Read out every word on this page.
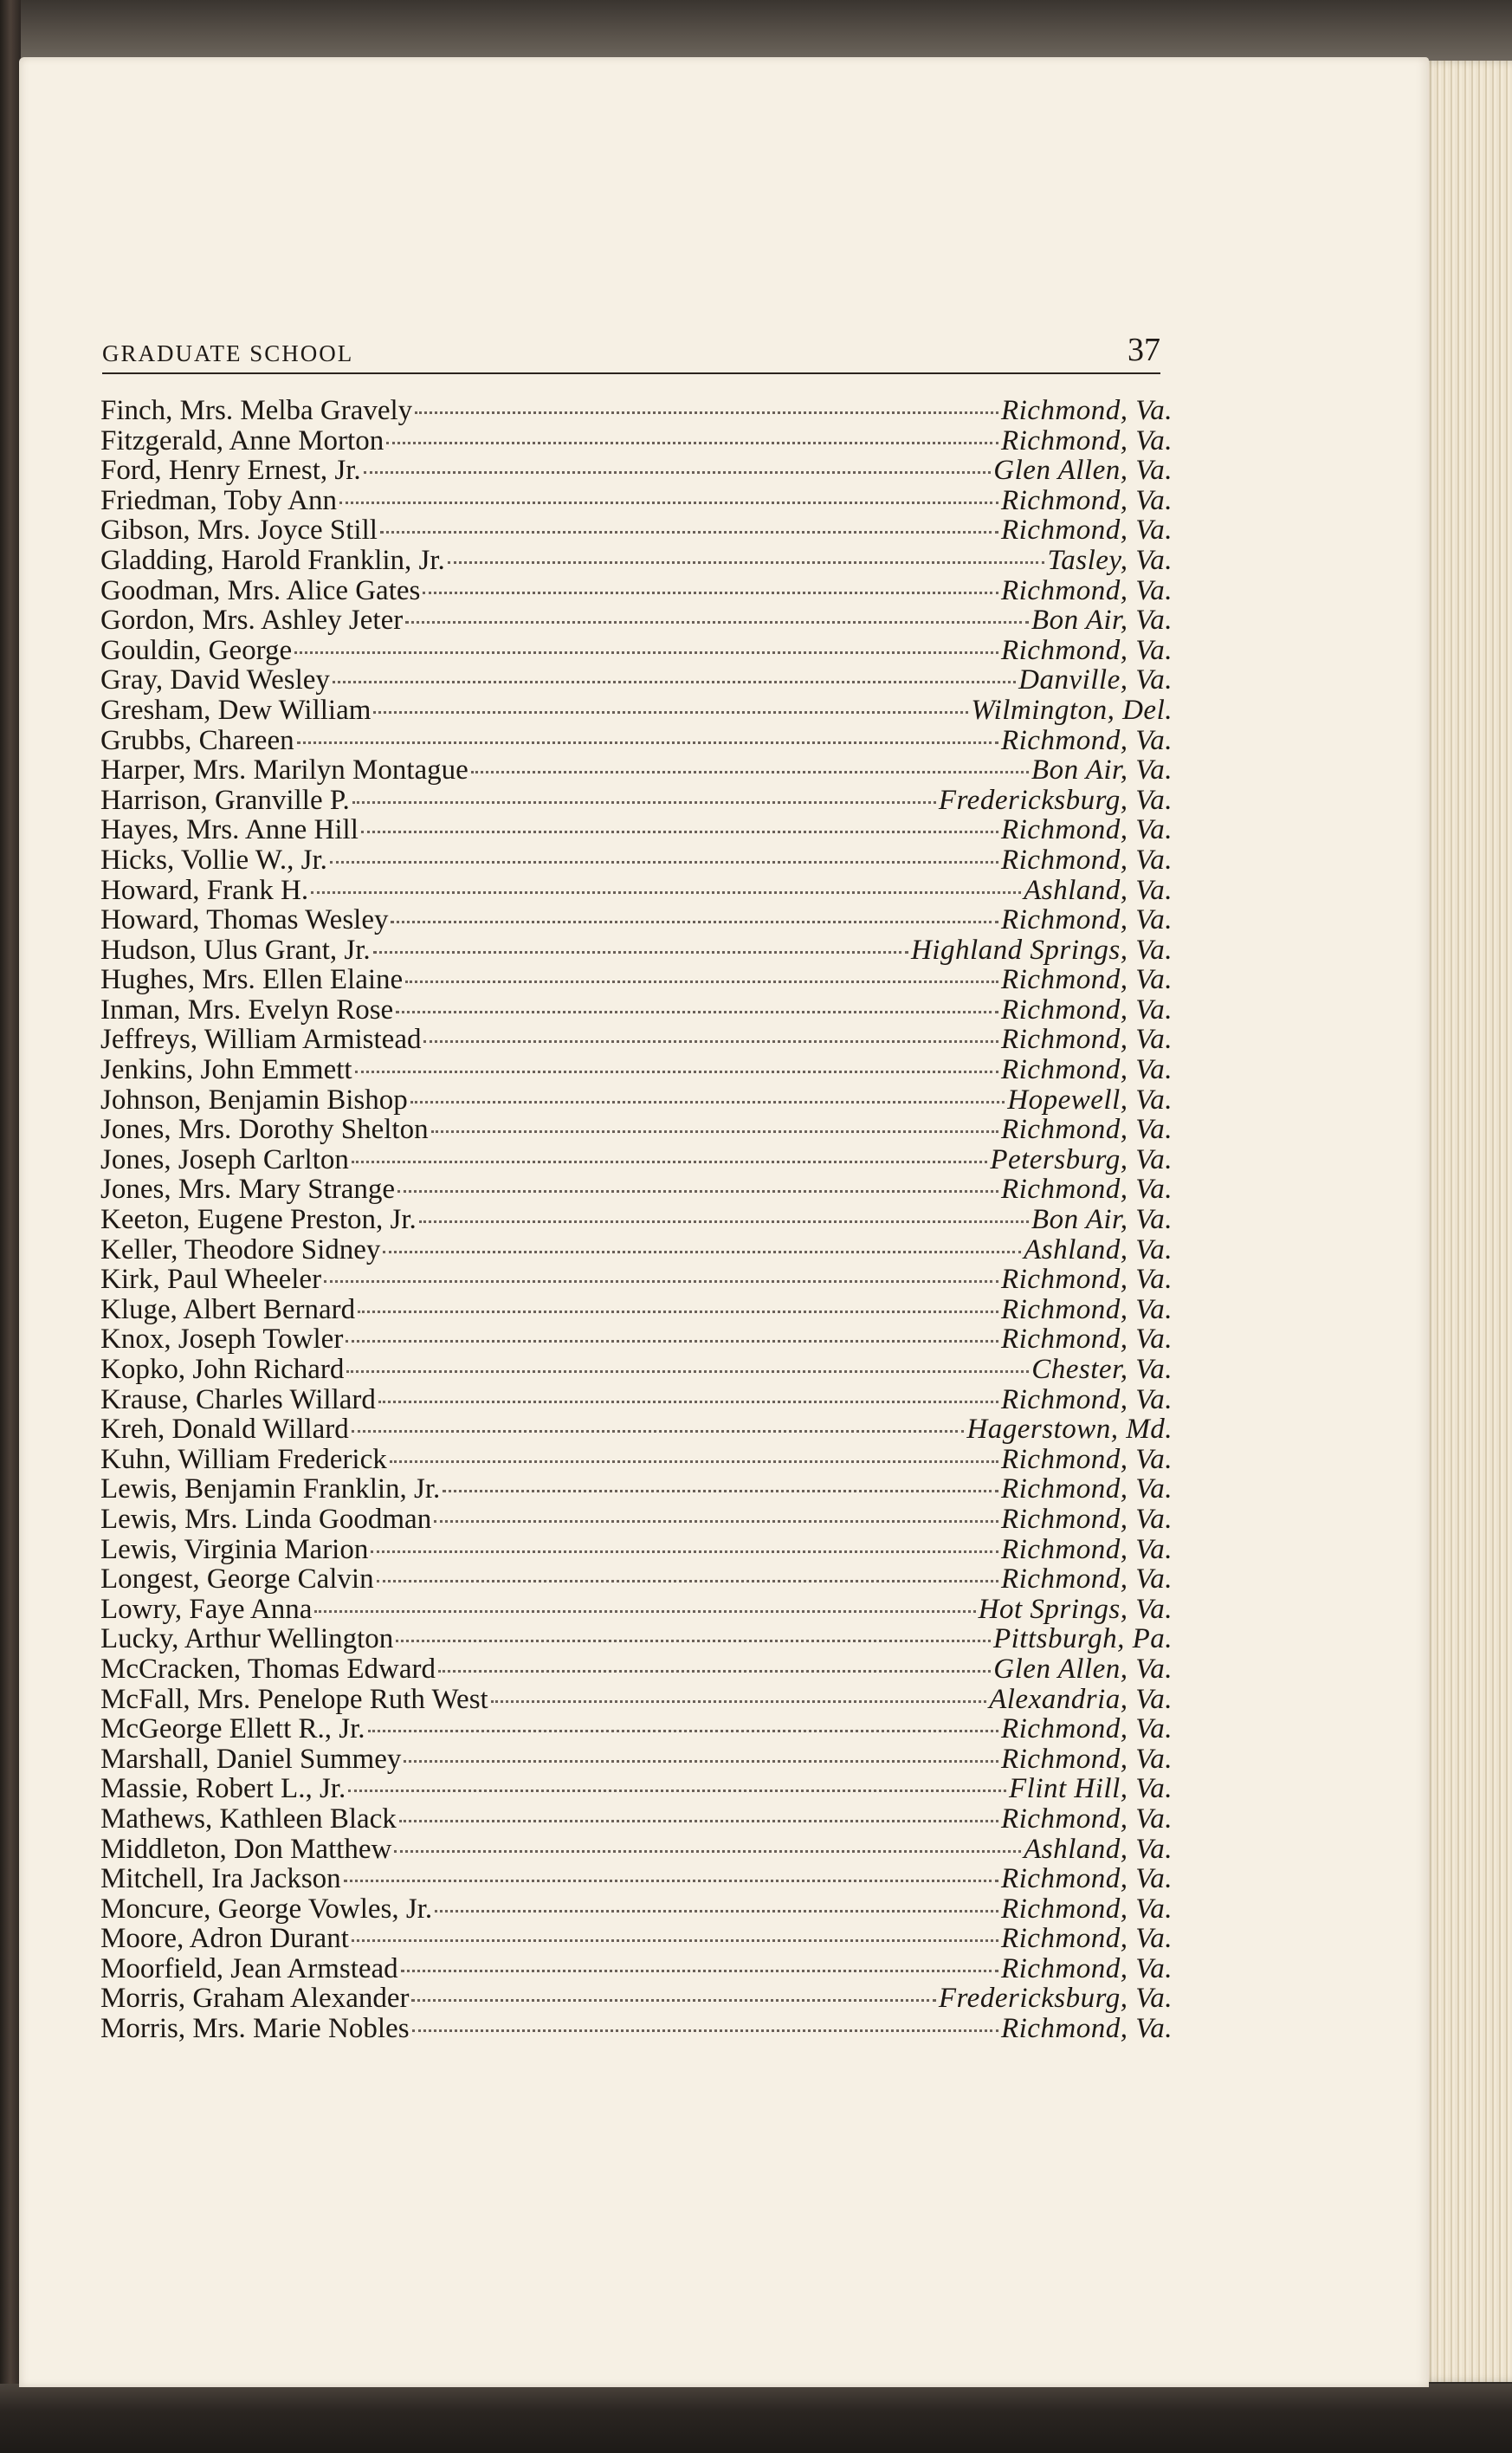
GRADUATE SCHOOL	37
Finch, Mrs. Melba Gravely	Richmond, Va.
Fitzgerald, Anne Morton	Richmond, Va.
Ford, Henry Ernest, Jr.	Glen Allen, Va.
Friedman, Toby Ann	Richmond, Va.
Gibson, Mrs. Joyce Still	Richmond, Va.
Gladding, Harold Franklin, Jr.	Tasley, Va.
Goodman, Mrs. Alice Gates	Richmond, Va.
Gordon, Mrs. Ashley Jeter	Bon Air, Va.
Gouldin, George	Richmond, Va.
Gray, David Wesley	Danville, Va.
Gresham, Dew William	Wilmington, Del.
Grubbs, Chareen	Richmond, Va.
Harper, Mrs. Marilyn Montague	Bon Air, Va.
Harrison, Granville P.	Fredericksburg, Va.
Hayes, Mrs. Anne Hill	Richmond, Va.
Hicks, Vollie W., Jr.	Richmond, Va.
Howard, Frank H.	Ashland, Va.
Howard, Thomas Wesley	Richmond, Va.
Hudson, Ulus Grant, Jr.	Highland Springs, Va.
Hughes, Mrs. Ellen Elaine	Richmond, Va.
Inman, Mrs. Evelyn Rose	Richmond, Va.
Jeffreys, William Armistead	Richmond, Va.
Jenkins, John Emmett	Richmond, Va.
Johnson, Benjamin Bishop	Hopewell, Va.
Jones, Mrs. Dorothy Shelton	Richmond, Va.
Jones, Joseph Carlton	Petersburg, Va.
Jones, Mrs. Mary Strange	Richmond, Va.
Keeton, Eugene Preston, Jr.	Bon Air, Va.
Keller, Theodore Sidney	Ashland, Va.
Kirk, Paul Wheeler	Richmond, Va.
Kluge, Albert Bernard	Richmond, Va.
Knox, Joseph Towler	Richmond, Va.
Kopko, John Richard	Chester, Va.
Krause, Charles Willard	Richmond, Va.
Kreh, Donald Willard	Hagerstown, Md.
Kuhn, William Frederick	Richmond, Va.
Lewis, Benjamin Franklin, Jr.	Richmond, Va.
Lewis, Mrs. Linda Goodman	Richmond, Va.
Lewis, Virginia Marion	Richmond, Va.
Longest, George Calvin	Richmond, Va.
Lowry, Faye Anna	Hot Springs, Va.
Lucky, Arthur Wellington	Pittsburgh, Pa.
McCracken, Thomas Edward	Glen Allen, Va.
McFall, Mrs. Penelope Ruth West	Alexandria, Va.
McGeorge Ellett R., Jr.	Richmond, Va.
Marshall, Daniel Summey	Richmond, Va.
Massie, Robert L., Jr.	Flint Hill, Va.
Mathews, Kathleen Black	Richmond, Va.
Middleton, Don Matthew	Ashland, Va.
Mitchell, Ira Jackson	Richmond, Va.
Moncure, George Vowles, Jr.	Richmond, Va.
Moore, Adron Durant	Richmond, Va.
Moorfield, Jean Armstead	Richmond, Va.
Morris, Graham Alexander	Fredericksburg, Va.
Morris, Mrs. Marie Nobles	Richmond, Va.
